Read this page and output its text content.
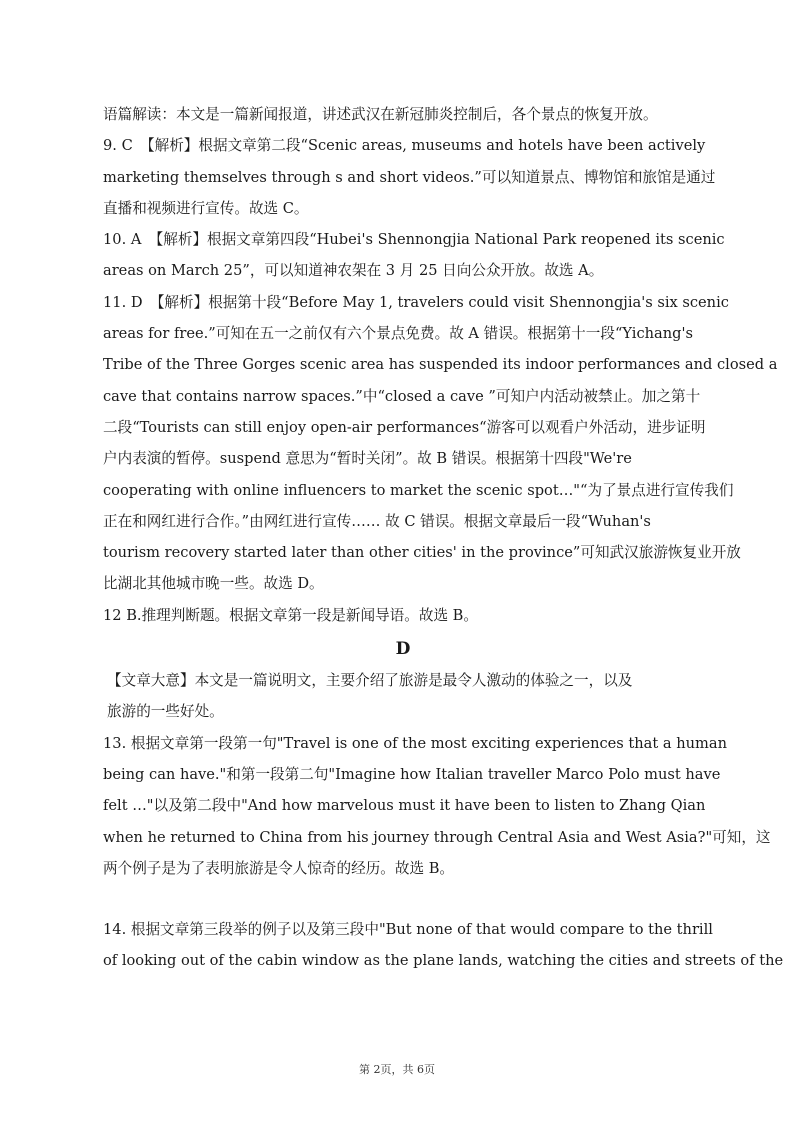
语篇解读：本文是一篇新闻报道，讲述武汉在新冠肺炎控制后，各个景点的恢复开放。

9. C　【解析】根据文章第二段“Scenic areas, museums and hotels have been actively
marketing themselves through s and short videos.”可以知道景点、博物馆和旅馆是通过
直播和视频进行宣传。故选 C。

10. A　【解析】根据文章第四段“Hubei's Shennongjia National Park reopened its scenic
areas on March 25”，可以知道神农架在 3 月 25 日向公众开放。故选 A。

11. D　【解析】根据第十段“Before May 1, travelers could visit Shennongjia's six scenic
areas for free.”可知在五一之前仅有六个景点免费。故 A 错误。根据第十一段“Yichang's
Tribe of the Three Gorges scenic area has suspended its indoor performances and closed a
cave that contains narrow spaces.”中“closed a cave ”可知户内活动被禁止。加之第十
二段“Tourists can still enjoy open-air performances“游客可以观看户外活动，进步证明
户内表演的暂停。suspend 意思为“暂时关闭”。故 B 错误。根据第十四段"We're
cooperating with online influencers to market the scenic spot…"“为了景点进行宣传我们
正在和网红进行合作。”由网红进行宣传…… 故 C 错误。根据文章最后一段“Wuhan's
tourism recovery started later than other cities' in the province”可知武汉旅游恢复业开放
比湖北其他城市晚一些。故选 D。

12 B.推理判断题。根据文章第一段是新闻导语。故选 B。

D

【文章大意】本文是一篇说明文，主要介绍了旅游是最令人激动的体验之一，以及
旅游的一些好处。

13. 根据文章第一段第一句"Travel is one of the most exciting experiences that a human
being can have."和第一段第二句"Imagine how Italian traveller Marco Polo must have
felt …"以及第二段中"And how marvelous must it have been to listen to Zhang Qian
when he returned to China from his journey through Central Asia and West Asia?"可知，这
两个例子是为了表明旅游是令人惊奇的经历。故选 B。

14. 根据文章第三段举的例子以及第三段中"But none of that would compare to the thrill
of looking out of the cabin window as the plane lands, watching the cities and streets of the

第 2页，共 6页
